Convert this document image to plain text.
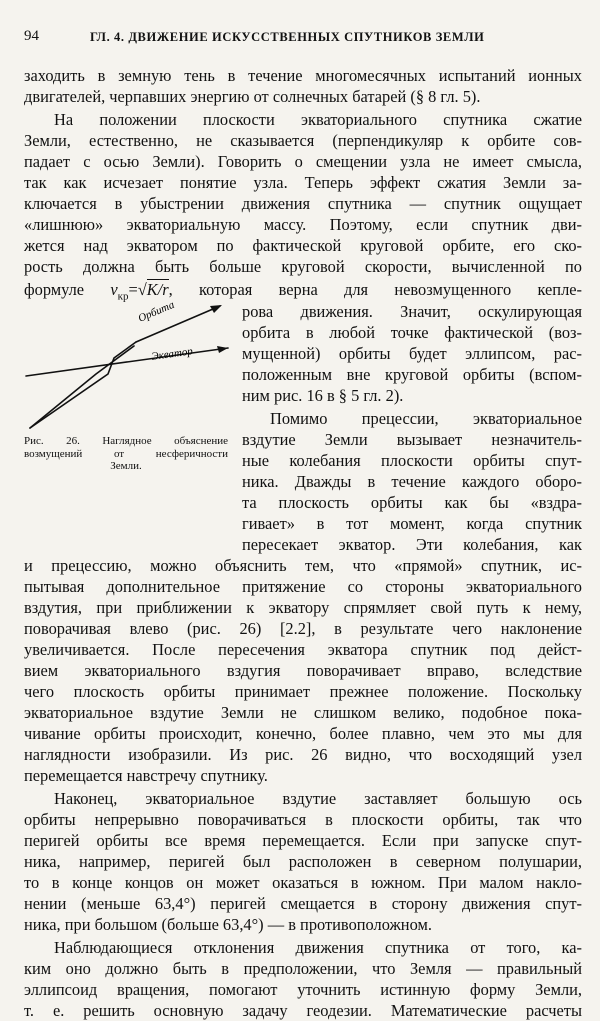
94	ГЛ. 4. ДВИЖЕНИЕ ИСКУССТВЕННЫХ СПУТНИКОВ ЗЕМЛИ
заходить в земную тень в течение многомесячных испытаний ионных
двигателей, черпавших энергию от солнечных батарей (§ 8 гл. 5).
На положении плоскости экваториального спутника сжатие
Земли, естественно, не сказывается (перпендикуляр к орбите сов-
падает с осью Земли). Говорить о смещении узла не имеет смысла,
так как исчезает понятие узла. Теперь эффект сжатия Земли за-
ключается в убыстрении движения спутника — спутник ощущает
«лишнюю» экваториальную массу. Поэтому, если спутник дви-
жется над экватором по фактической круговой орбите, его ско-
рость должна быть больше круговой скорости, вычисленной по
формуле $v_{кр}=√K/r$, которая верна для невозмущенного кепле-
рова движения. Значит, оскулирующая
орбита в любой точке фактической (воз-
мущенной) орбиты будет эллипсом, рас-
положенным вне круговой орбиты (вспом-
ним рис. 16 в § 5 гл. 2).
Помимо прецессии, экваториальное
вздутие Земли вызывает незначитель-
ные колебания плоскости орбиты спут-
ника. Дважды в течение каждого оборо-
та плоскость орбиты как бы «вздра-
гивает» в тот момент, когда спутник
пересекает экватор. Эти колебания, как
и прецессию, можно объяснить тем, что «прямой» спутник, ис-
пытывая дополнительное притяжение со стороны экваториального
вздутия, при приближении к экватору спрямляет свой путь к нему,
поворачивая влево (рис. 26) [2.2], в результате чего наклонение
увеличивается. После пересечения экватора спутник под дейст-
вием экваториального вздугия поворачивает вправо, вследствие
чего плоскость орбиты принимает прежнее положение. Поскольку
экваториальное вздутие Земли не слишком велико, подобное пока-
чивание орбиты происходит, конечно, более плавно, чем это мы для
наглядности изобразили. Из рис. 26 видно, что восходящий узел
перемещается навстречу спутнику.
Наконец, экваториальное вздутие заставляет большую ось
орбиты непрерывно поворачиваться в плоскости орбиты, так что
перигей орбиты все время перемещается. Если при запуске спут-
ника, например, перигей был расположен в северном полушарии,
то в конце концов он может оказаться в южном. При малом накло-
нении (меньше 63,4°) перигей смещается в сторону движения спут-
ника, при большом (больше 63,4°) — в противоположном.
Наблюдающиеся отклонения движения спутника от того, ка-
ким оно должно быть в предположении, что Земля — правильный
эллипсоид вращения, помогают уточнить истинную форму Земли,
т. е. решить основную задачу геодезии. Математические расчеты
Орбита
Экватор
Рис. 26. Наглядное объяснение
возмущений от несферичности
Земли.
